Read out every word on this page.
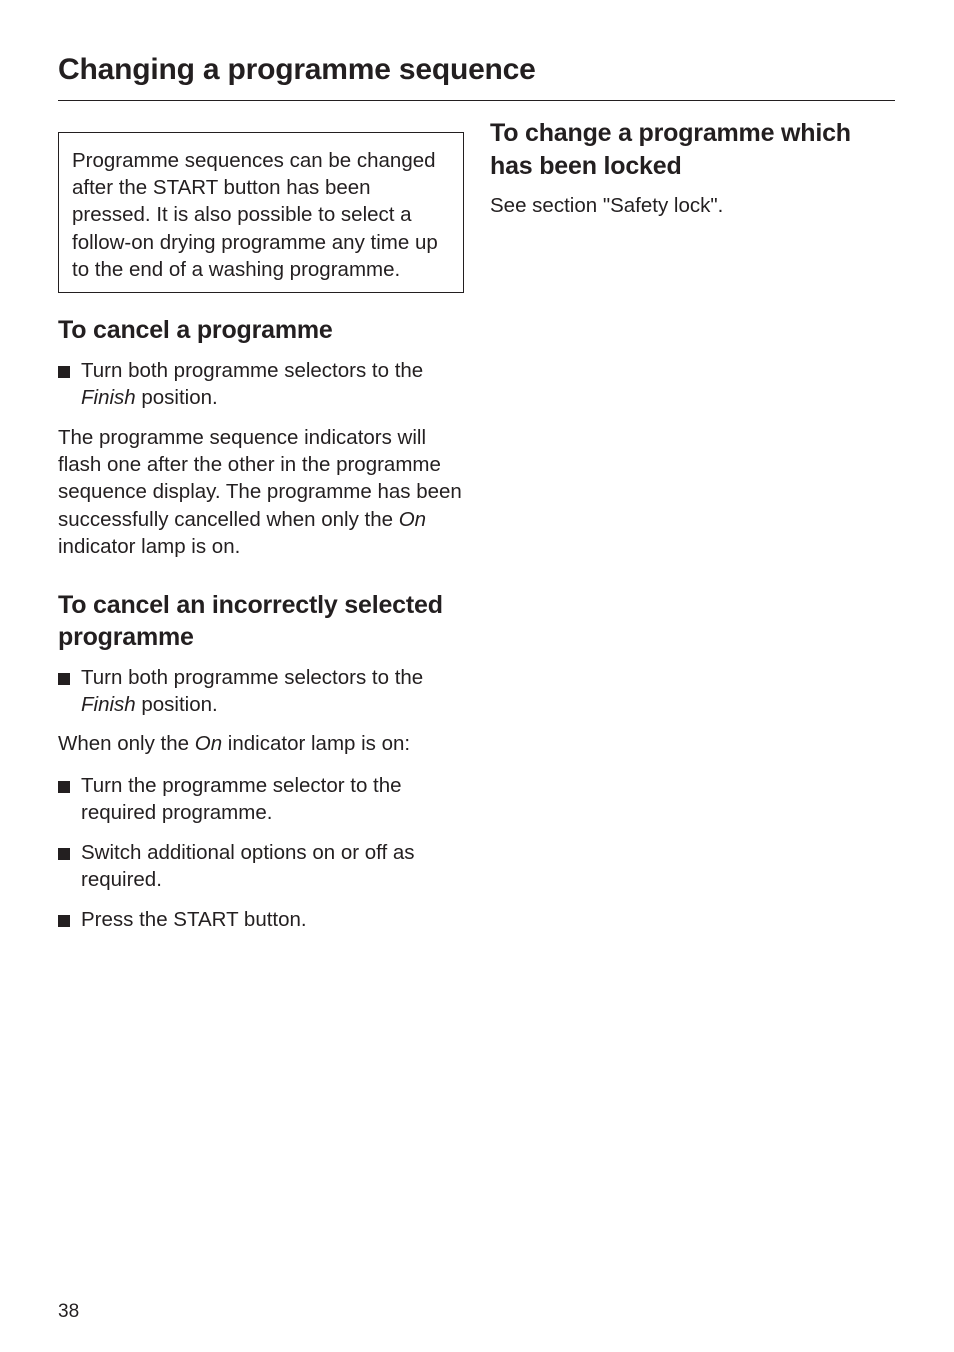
Changing a programme sequence
Programme sequences can be changed after the START button has been pressed. It is also possible to select a follow-on drying programme any time up to the end of a washing programme.
To cancel a programme
Turn both programme selectors to the Finish position.

The programme sequence indicators will flash one after the other in the programme sequence display. The programme has been successfully cancelled when only the On indicator lamp is on.

To cancel an incorrectly selected programme
Turn both programme selectors to the Finish position.

When only the On indicator lamp is on:

Turn the programme selector to the required programme.
Switch additional options on or off as required.
Press the START button.
To change a programme which has been locked

See section "Safety lock".

38
